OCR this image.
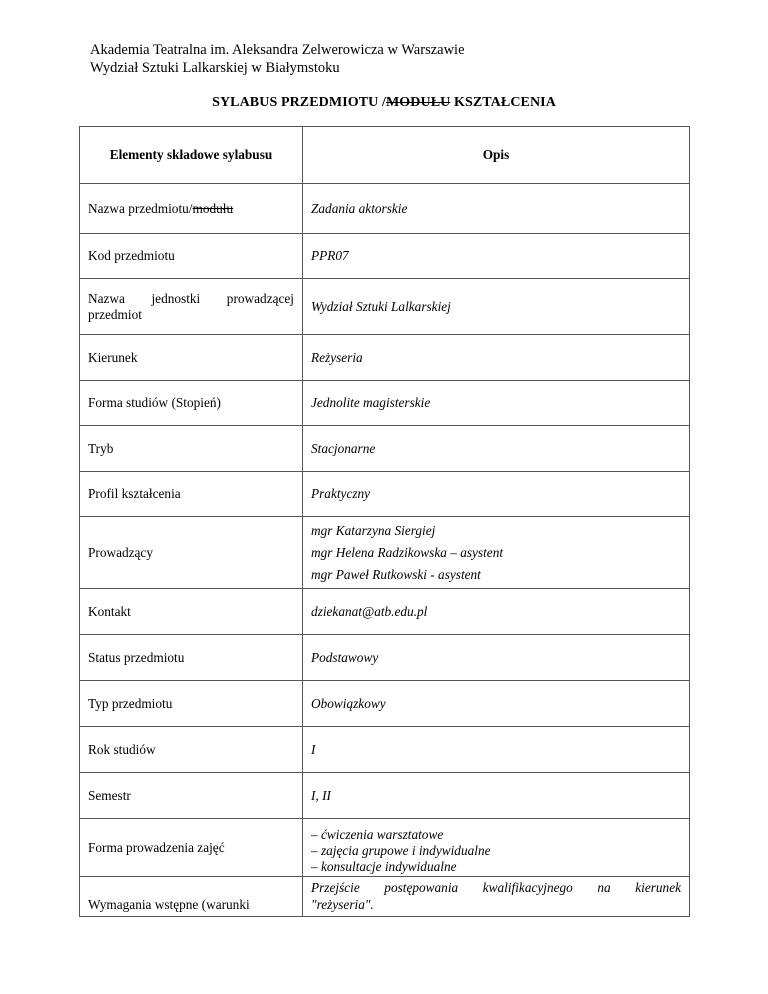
Akademia Teatralna im. Aleksandra Zelwerowicza w Warszawie
Wydział Sztuki Lalkarskiej w Białymstoku
SYLABUS PRZEDMIOTU /MODUŁU KSZTAŁCENIA
Elementy składowe sylabusu	Opis
Nazwa przedmiotu/modułu	Zadania aktorskie
Kod przedmiotu	PPR07

Nazwa jednostki prowadzącej
przedmiot	Wydział Sztuki Lalkarskiej
Kierunek	Reżyseria
Forma studiów (Stopień)	Jednolite magisterskie
Tryb	Stacjonarne
Profil kształcenia	Praktyczny
Prowadzący	mgr Katarzyna Siergiej
mgr Helena Radzikowska – asystent
mgr Paweł Rutkowski - asystent

Kontakt	dziekanat@atb.edu.pl
Status przedmiotu	Podstawowy
Typ przedmiotu	Obowiązkowy
Rok studiów	I
Semestr	I, II
Forma prowadzenia zajęć	– ćwiczenia warsztatowe
– zajęcia grupowe i indywidualne
– konsultacje indywidualne

Wymagania wstępne (warunki	Przejście postępowania kwalifikacyjnego na kierunek
"reżyseria".
